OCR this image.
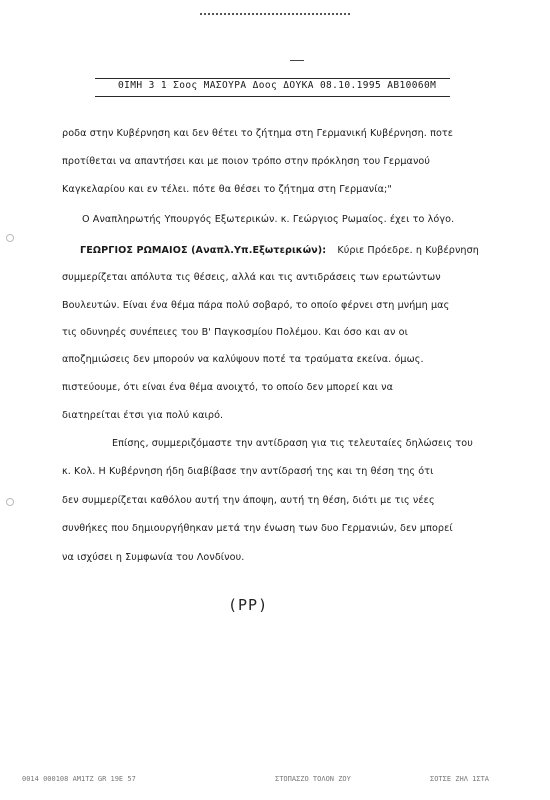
ΘΙΜΗ 3 1 Σοος ΜΑΣΟΥΡΑ Δοος ΔΟΥΚΑ 08.10.1995 ΑΒ10060Μ
ροδα στην Κυβέρνηση και δεν θέτει το ζήτημα στη Γερμανική Κυβέρνηση. ποτε
προτίθεται να απαντήσει και με ποιον τρόπο στην πρόκληση του Γερμανού
Καγκελαρίου και εν τέλει. πότε θα θέσει το ζήτημα στη Γερμανία;"
Ο Αναπληρωτής Υπουργός Εξωτερικών. κ. Γεώργιος Ρωμαίος. έχει το λόγο.
ΓΕΩΡΓΙΟΣ ΡΩΜΑΙΟΣ (Αναπλ.Υπ.Εξωτερικών): Κύριε Πρόεδρε. η Κυβέρνηση
συμμερίζεται απόλυτα τις θέσεις, αλλά και τις αντιδράσεις των ερωτώντων
Βουλευτών. Είναι ένα θέμα πάρα πολύ σοβαρό, το οποίο φέρνει στη μνήμη μας
τις οδυνηρές συνέπειες του Β' Παγκοσμίου Πολέμου. Και όσο και αν οι
αποζημιώσεις δεν μπορούν να καλύψουν ποτέ τα τραύματα εκείνα. όμως.
πιστεύουμε, ότι είναι ένα θέμα ανοιχτό, το οποίο δεν μπορεί και να
διατηρείται έτσι για πολύ καιρό.
Επίσης, συμμεριζόμαστε την αντίδραση για τις τελευταίες δηλώσεις του
κ. Κολ. Η Κυβέρνηση ήδη διαβίβασε την αντίδρασή της και τη θέση της ότι
δεν συμμερίζεται καθόλου αυτή την άποψη, αυτή τη θέση, διότι με τις νέες
συνθήκες που δημιουργήθηκαν μετά την ένωση των δυο Γερμανιών, δεν μπορεί
να ισχύσει η Συμφωνία του Λονδίνου.
(ΡΡ)
0014 000108 AM1TZ GR 19E 57	ΣΤΟΠΑΣΖΟ ΤΟΛΟΝ ΖΟΥ	ΣΟΤΣΕ ΖΗΛ 1ΣΤΑ
